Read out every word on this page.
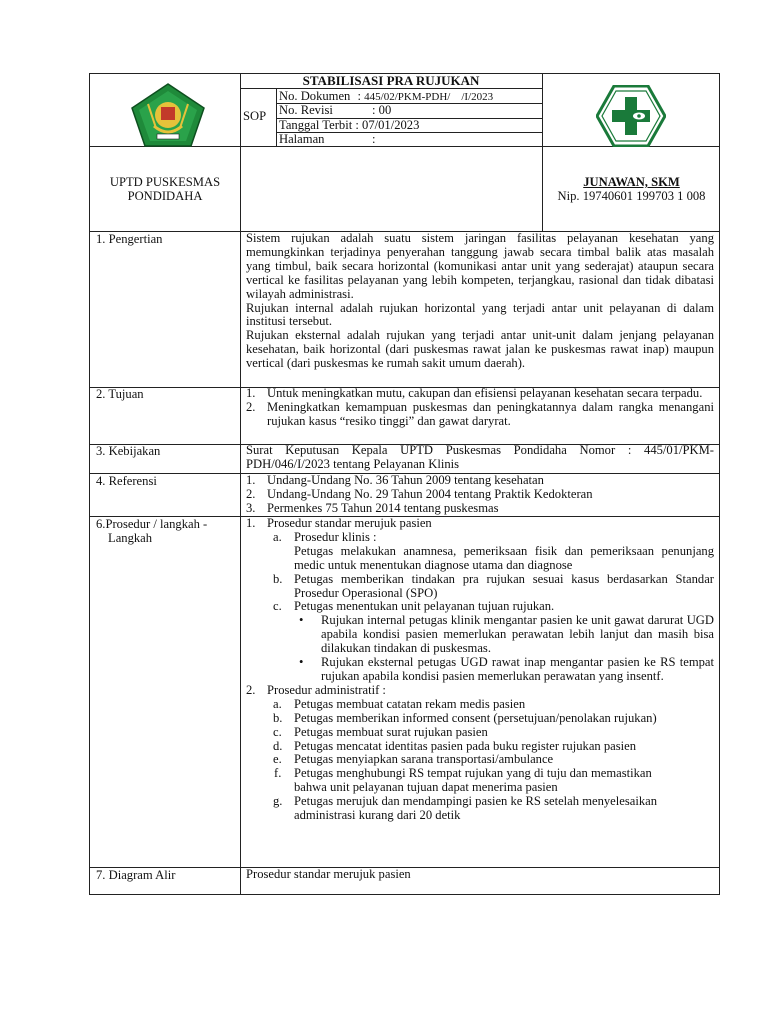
STABILISASI PRA RUJUKAN
SOP
No. Dokumen : 445/02/PKM-PDH/    /I/2023
No. Revisi	: 00
Tanggal Terbit : 07/01/2023
Halaman	:
UPTD PUSKESMAS
PONDIDAHA
JUNAWAN, SKM
Nip. 19740601 199703 1 008
1. Pengertian
2. Tujuan
3. Kebijakan
4. Referensi
6.Prosedur / langkah -
Langkah
7. Diagram Alir
Sistem rujukan adalah suatu sistem jaringan fasilitas pelayanan kesehatan yang memungkinkan terjadinya penyerahan tanggung jawab secara timbal balik atas masalah yang timbul, baik secara horizontal (komunikasi antar unit yang sederajat) ataupun secara vertical ke fasilitas pelayanan yang lebih kompeten, terjangkau, rasional dan tidak dibatasi wilayah administrasi.
Rujukan internal adalah rujukan horizontal yang terjadi antar unit pelayanan di dalam institusi tersebut.
Rujukan eksternal adalah rujukan yang terjadi antar unit-unit dalam jenjang pelayanan kesehatan, baik horizontal (dari puskesmas rawat jalan ke puskesmas rawat inap) maupun vertical (dari puskesmas ke rumah sakit umum daerah).
1. Untuk meningkatkan mutu, cakupan dan efisiensi pelayanan kesehatan secara terpadu.
2. Meningkatkan kemampuan puskesmas dan peningkatannya dalam rangka menangani rujukan kasus “resiko tinggi” dan gawat daryrat.
Surat Keputusan Kepala UPTD Puskesmas Pondidaha Nomor : 445/01/PKM-PDH/046/I/2023 tentang Pelayanan Klinis
1. Undang-Undang No. 36 Tahun 2009 tentang kesehatan
2. Undang-Undang No. 29 Tahun 2004 tentang Praktik Kedokteran
3. Permenkes 75 Tahun 2014 tentang puskesmas
1. Prosedur standar merujuk pasien
a. Prosedur klinis :
Petugas melakukan anamnesa, pemeriksaan fisik dan pemeriksaan penunjang medic untuk menentukan diagnose utama dan diagnose
b. Petugas memberikan tindakan pra rujukan sesuai kasus berdasarkan Standar Prosedur Operasional (SPO)
c. Petugas menentukan unit pelayanan tujuan rujukan.
• Rujukan internal petugas klinik mengantar pasien ke unit gawat darurat UGD apabila kondisi pasien memerlukan perawatan lebih lanjut dan masih bisa dilakukan tindakan di puskesmas.
• Rujukan eksternal petugas UGD rawat inap mengantar pasien ke RS tempat rujukan apabila kondisi pasien memerlukan perawatan yang insentf.
2. Prosedur administratif :
a. Petugas membuat catatan rekam medis pasien
b. Petugas memberikan informed consent (persetujuan/penolakan rujukan)
c. Petugas membuat surat rujukan pasien
d. Petugas mencatat identitas pasien pada buku register rujukan pasien
e. Petugas menyiapkan sarana transportasi/ambulance
f. Petugas menghubungi RS tempat rujukan yang di tuju dan memastikan bahwa unit pelayanan tujuan dapat menerima pasien
g. Petugas merujuk dan mendampingi pasien ke RS setelah menyelesaikan administrasi kurang dari 20 detik
Prosedur standar merujuk pasien
